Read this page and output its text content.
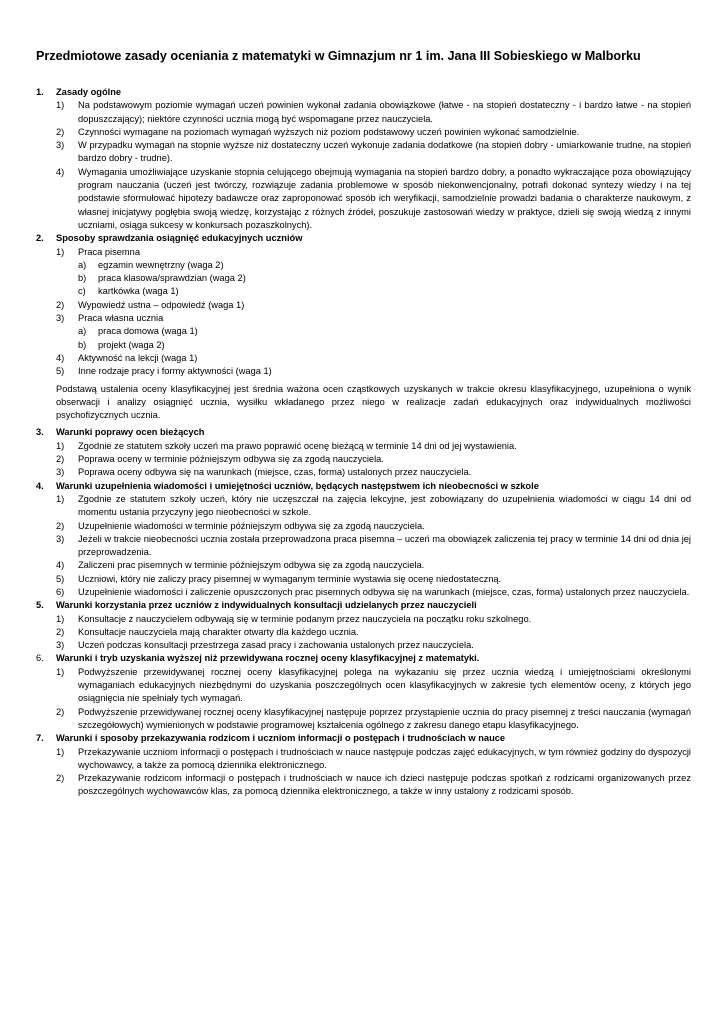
Przedmiotowe zasady oceniania z matematyki w Gimnazjum nr 1 im. Jana III Sobieskiego w Malborku
1. Zasady ogólne
1) Na podstawowym poziomie wymagań uczeń powinien wykonał zadania obowiązkowe (łatwe - na stopień dostateczny - i bardzo łatwe - na stopień dopuszczający); niektóre czynności ucznia mogą być wspomagane przez nauczyciela.
2) Czynności wymagane na poziomach wymagań wyższych niż poziom podstawowy uczeń powinien wykonać samodzielnie.
3) W przypadku wymagań na stopnie wyższe niż dostateczny uczeń wykonuje zadania dodatkowe (na stopień dobry - umiarkowanie trudne, na stopień bardzo dobry - trudne).
4) Wymagania umożliwiające uzyskanie stopnia celującego obejmują wymagania na stopień bardzo dobry, a ponadto wykraczające poza obowiązujący program nauczania (uczeń jest twórczy, rozwiązuje zadania problemowe w sposób niekonwencjonalny, potrafi dokonać syntezy wiedzy i na tej podstawie sformułować hipotezy badawcze oraz zaproponować sposób ich weryfikacji, samodzielnie prowadzi badania o charakterze naukowym, z własnej inicjatywy pogłębia swoją wiedzę, korzystając z różnych źródeł, poszukuje zastosowań wiedzy w praktyce, dzieli się swoją wiedzą z innymi uczniami, osiąga sukcesy w konkursach pozaszkolnych).
2. Sposoby sprawdzania osiągnięć edukacyjnych uczniów
1) Praca pisemna
a) egzamin wewnętrzny (waga 2)
b) praca klasowa/sprawdzian (waga 2)
c) kartkówka (waga 1)
2) Wypowiedź ustna – odpowiedź (waga 1)
3) Praca własna ucznia
a) praca domowa (waga 1)
b) projekt (waga 2)
4) Aktywność na lekcji (waga 1)
5) Inne rodzaje pracy i formy aktywności (waga 1)
Podstawą ustalenia oceny klasyfikacyjnej jest średnia ważona ocen cząstkowych uzyskanych w trakcie okresu klasyfikacyjnego, uzupełniona o wynik obserwacji i analizy osiągnięć ucznia, wysiłku wkładanego przez niego w realizacje zadań edukacyjnych oraz indywidualnych możliwości psychofizycznych ucznia.
3. Warunki poprawy ocen bieżących
1) Zgodnie ze statutem szkoły uczeń ma prawo poprawić ocenę bieżącą w terminie 14 dni od jej wystawienia.
2) Poprawa oceny w terminie późniejszym odbywa się za zgodą nauczyciela.
3) Poprawa oceny odbywa się na warunkach (miejsce, czas, forma) ustalonych przez nauczyciela.
4. Warunki uzupełnienia wiadomości i umiejętności uczniów, będących następstwem ich nieobecności w szkole
1) Zgodnie ze statutem szkoły uczeń, który nie uczęszczał na zajęcia lekcyjne, jest zobowiązany do uzupełnienia wiadomości w ciągu 14 dni od momentu ustania przyczyny jego nieobecności w szkole.
2) Uzupełnienie wiadomości w terminie późniejszym odbywa się za zgodą nauczyciela.
3) Jeżeli w trakcie nieobecności ucznia została przeprowadzona praca pisemna – uczeń ma obowiązek zaliczenia tej pracy w terminie 14 dni od dnia jej przeprowadzenia.
4) Zaliczeni prac pisemnych w terminie późniejszym odbywa się za zgodą nauczyciela.
5) Uczniowi, który nie zaliczy pracy pisemnej w wymaganym terminie wystawia się ocenę niedostateczną.
6) Uzupełnienie wiadomości i zaliczenie opuszczonych prac pisemnych odbywa się na warunkach (miejsce, czas, forma) ustalonych przez nauczyciela.
5. Warunki korzystania przez uczniów z indywidualnych konsultacji udzielanych przez nauczycieli
1) Konsultacje z nauczycielem odbywają się w terminie podanym przez nauczyciela na początku roku szkolnego.
2) Konsultacje nauczyciela mają charakter otwarty dla każdego ucznia.
3) Uczeń podczas konsultacji przestrzega zasad pracy i zachowania ustalonych przez nauczyciela.
6. Warunki i tryb uzyskania wyższej niż przewidywana rocznej oceny klasyfikacyjnej z matematyki.
1) Podwyższenie przewidywanej rocznej oceny klasyfikacyjnej polega na wykazaniu się przez ucznia wiedzą i umiejętnościami określonymi wymaganiach edukacyjnych niezbędnymi do uzyskania poszczególnych ocen klasyfikacyjnych w zakresie tych elementów oceny, z których jego osiągnięcia nie spełniały tych wymagań.
2) Podwyższenie przewidywanej rocznej oceny klasyfikacyjnej następuje poprzez przystąpienie ucznia do pracy pisemnej z treści nauczania (wymagań szczegółowych) wymienionych w podstawie programowej kształcenia ogólnego z zakresu danego etapu klasyfikacyjnego.
7. Warunki i sposoby przekazywania rodzicom i uczniom informacji o postępach i trudnościach w nauce
1) Przekazywanie uczniom informacji o postępach i trudnościach w nauce następuje podczas zajęć edukacyjnych, w tym również godziny do dyspozycji wychowawcy, a także za pomocą dziennika elektronicznego.
2) Przekazywanie rodzicom informacji o postępach i trudnościach w nauce ich dzieci następuje podczas spotkań z rodzicami organizowanych przez poszczególnych wychowawców klas, za pomocą dziennika elektronicznego, a także w inny ustalony z rodzicami sposób.
